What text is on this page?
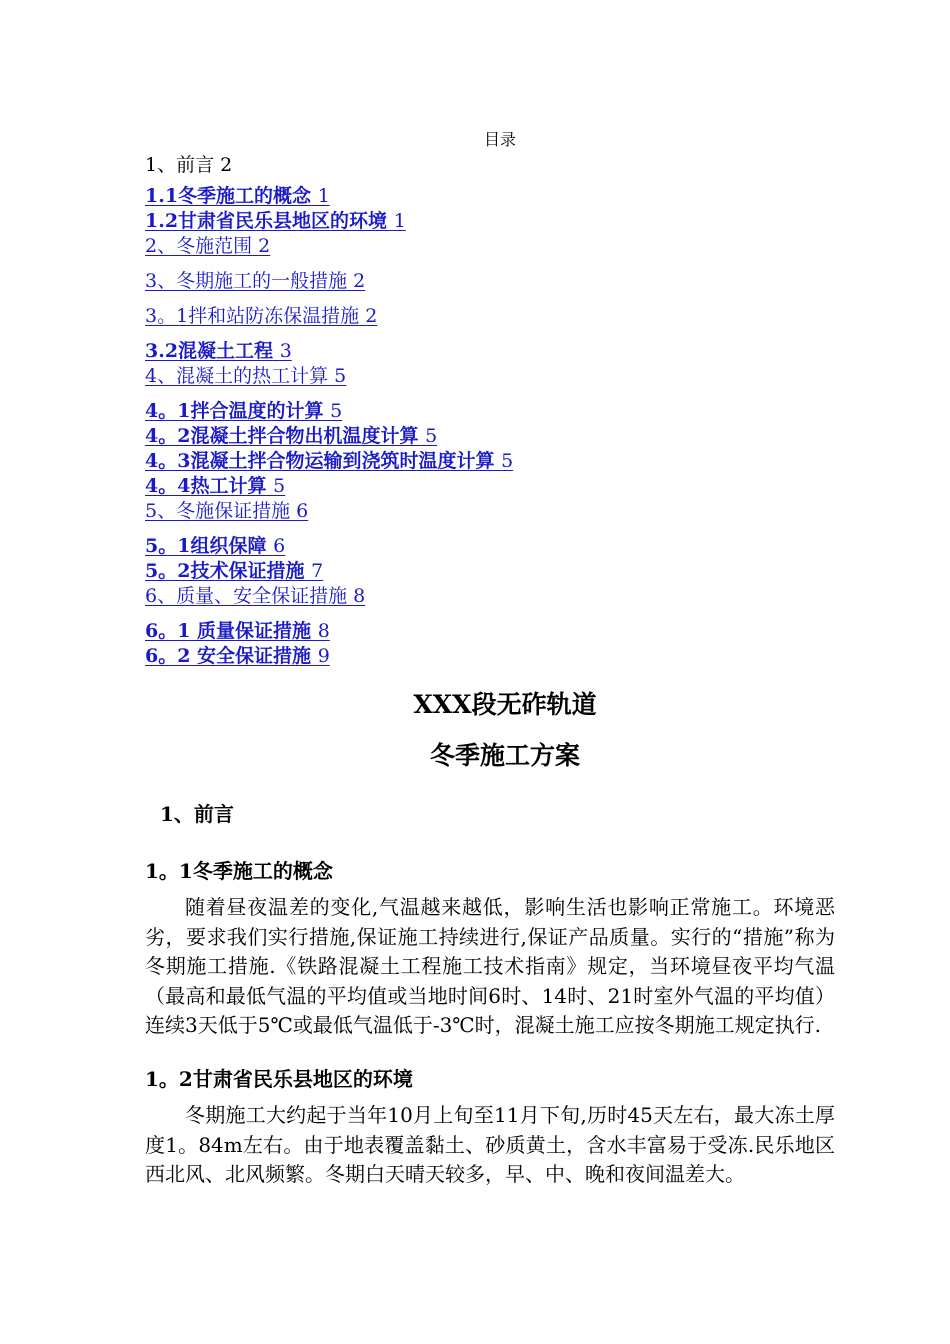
目录
1、前言 2
1.1冬季施工的概念 1
1.2甘肃省民乐县地区的环境 1
2、冬施范围 2
3、冬期施工的一般措施 2
3。1拌和站防冻保温措施 2
3.2混凝土工程 3
4、混凝土的热工计算 5
4。1拌合温度的计算 5
4。2混凝土拌合物出机温度计算 5
4。3混凝土拌合物运输到浇筑时温度计算 5
4。4热工计算 5
5、冬施保证措施 6
5。1组织保障 6
5。2技术保证措施 7
6、质量、安全保证措施 8
6。1 质量保证措施 8
6。2 安全保证措施 9
XXX段无砟轨道
冬季施工方案
1、前言
1。1冬季施工的概念

随着昼夜温差的变化,气温越来越低，影响生活也影响正常施工。环境恶劣，要求我们实行措施,保证施工持续进行,保证产品质量。实行的“措施”称为冬期施工措施.《铁路混凝土工程施工技术指南》规定，当环境昼夜平均气温（最高和最低气温的平均值或当地时间6时、14时、21时室外气温的平均值）连续3天低于5℃或最低气温低于-3℃时，混凝土施工应按冬期施工规定执行.

1。2甘肃省民乐县地区的环境

冬期施工大约起于当年10月上旬至11月下旬,历时45天左右，最大冻土厚度1。84m左右。由于地表覆盖黏土、砂质黄土，含水丰富易于受冻.民乐地区西北风、北风频繁。冬期白天晴天较多，早、中、晚和夜间温差大。
